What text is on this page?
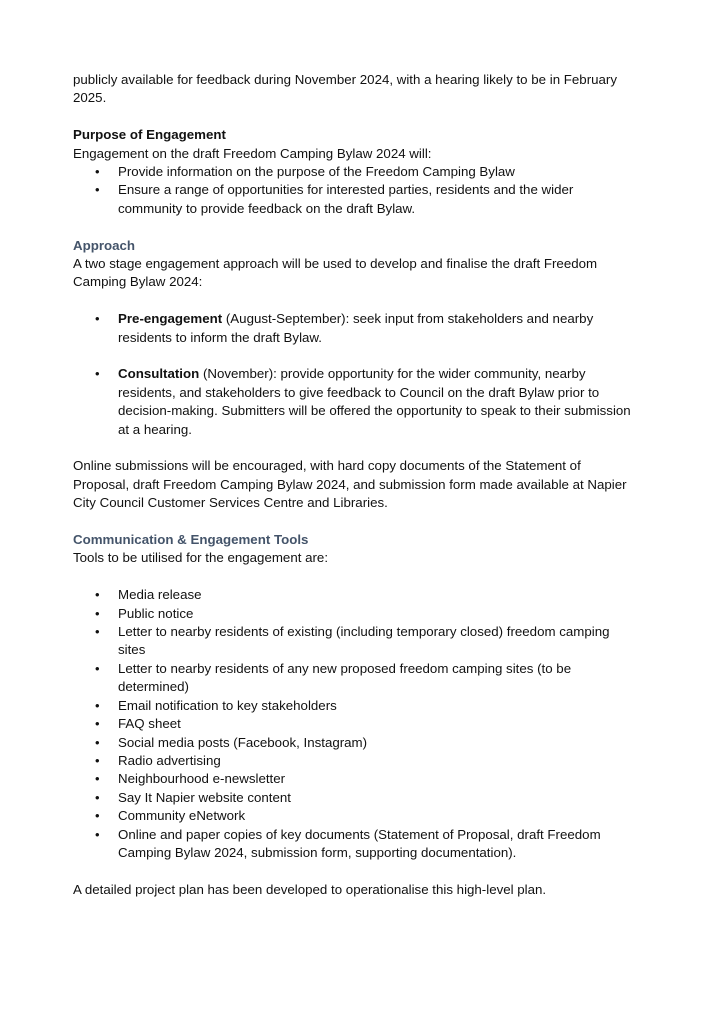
publicly available for feedback during November 2024, with a hearing likely to be in February 2025.

Purpose of Engagement

Engagement on the draft Freedom Camping Bylaw 2024 will:

• Provide information on the purpose of the Freedom Camping Bylaw
• Ensure a range of opportunities for interested parties, residents and the wider community to provide feedback on the draft Bylaw.

Approach

A two stage engagement approach will be used to develop and finalise the draft Freedom Camping Bylaw 2024:

• Pre-engagement (August-September): seek input from stakeholders and nearby residents to inform the draft Bylaw.
• Consultation (November): provide opportunity for the wider community, nearby residents, and stakeholders to give feedback to Council on the draft Bylaw prior to decision-making. Submitters will be offered the opportunity to speak to their submission at a hearing.

Online submissions will be encouraged, with hard copy documents of the Statement of Proposal, draft Freedom Camping Bylaw 2024, and submission form made available at Napier City Council Customer Services Centre and Libraries.

Communication & Engagement Tools

Tools to be utilised for the engagement are:

• Media release
• Public notice
• Letter to nearby residents of existing (including temporary closed) freedom camping sites
• Letter to nearby residents of any new proposed freedom camping sites (to be determined)
• Email notification to key stakeholders
• FAQ sheet
• Social media posts (Facebook, Instagram)
• Radio advertising
• Neighbourhood e-newsletter
• Say It Napier website content
• Community eNetwork
• Online and paper copies of key documents (Statement of Proposal, draft Freedom Camping Bylaw 2024, submission form, supporting documentation).

A detailed project plan has been developed to operationalise this high-level plan.
